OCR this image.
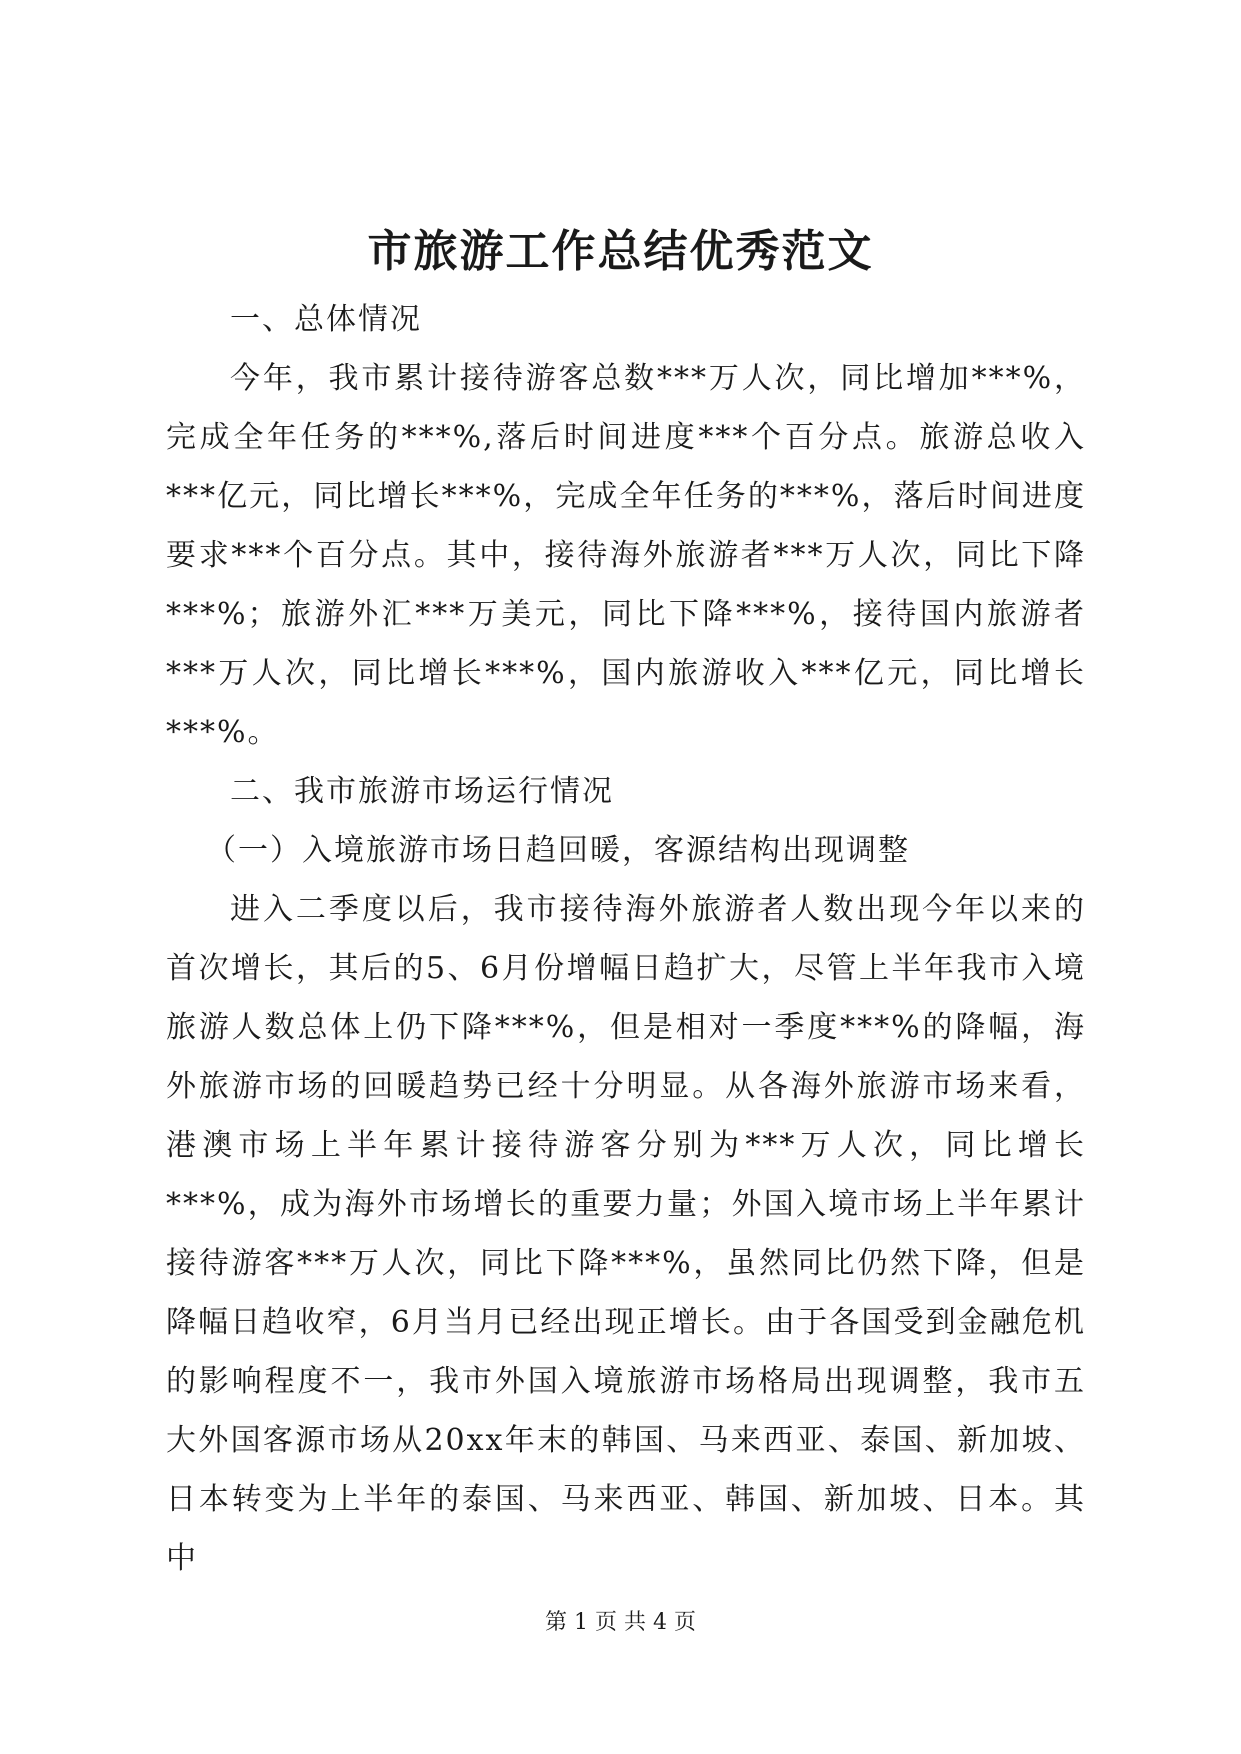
市旅游工作总结优秀范文

一、总体情况

今年，我市累计接待游客总数***万人次，同比增加***%，完成全年任务的***%,落后时间进度***个百分点。旅游总收入***亿元，同比增长***%，完成全年任务的***%，落后时间进度要求***个百分点。其中，接待海外旅游者***万人次，同比下降***%；旅游外汇***万美元，同比下降***%，接待国内旅游者***万人次，同比增长***%，国内旅游收入***亿元，同比增长***%。

二、我市旅游市场运行情况

（一）入境旅游市场日趋回暖，客源结构出现调整

进入二季度以后，我市接待海外旅游者人数出现今年以来的首次增长，其后的5、6月份增幅日趋扩大，尽管上半年我市入境旅游人数总体上仍下降***%，但是相对一季度***%的降幅，海外旅游市场的回暖趋势已经十分明显。从各海外旅游市场来看，港澳市场上半年累计接待游客分别为***万人次，同比增长***%，成为海外市场增长的重要力量；外国入境市场上半年累计接待游客***万人次，同比下降***%，虽然同比仍然下降，但是降幅日趋收窄，6月当月已经出现正增长。由于各国受到金融危机的影响程度不一，我市外国入境旅游市场格局出现调整，我市五大外国客源市场从20xx年末的韩国、马来西亚、泰国、新加坡、日本转变为上半年的泰国、马来西亚、韩国、新加坡、日本。其中

第 1 页 共 4 页
